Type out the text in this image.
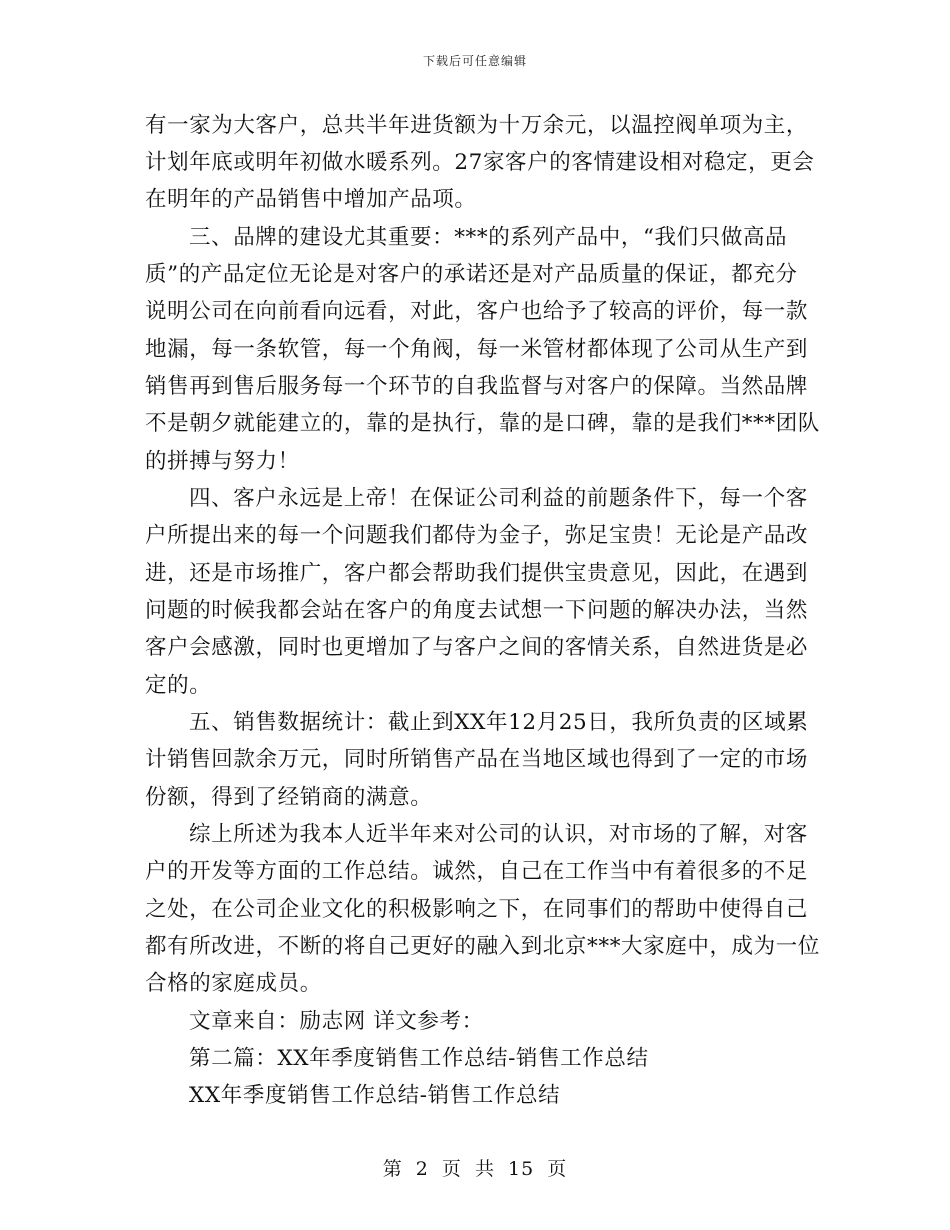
下载后可任意编辑
有一家为大客户，总共半年进货额为十万余元，以温控阀单项为主，
计划年底或明年初做水暖系列。27家客户的客情建设相对稳定，更会
在明年的产品销售中增加产品项。
三、品牌的建设尤其重要：***的系列产品中，“我们只做高品
质”的产品定位无论是对客户的承诺还是对产品质量的保证，都充分
说明公司在向前看向远看，对此，客户也给予了较高的评价，每一款
地漏，每一条软管，每一个角阀，每一米管材都体现了公司从生产到
销售再到售后服务每一个环节的自我监督与对客户的保障。当然品牌
不是朝夕就能建立的，靠的是执行，靠的是口碑，靠的是我们***团队
的拼搏与努力！
四、客户永远是上帝！在保证公司利益的前题条件下，每一个客
户所提出来的每一个问题我们都侍为金子，弥足宝贵！无论是产品改
进，还是市场推广，客户都会帮助我们提供宝贵意见，因此，在遇到
问题的时候我都会站在客户的角度去试想一下问题的解决办法，当然
客户会感激，同时也更增加了与客户之间的客情关系，自然进货是必
定的。
五、销售数据统计：截止到XX年12月25日，我所负责的区域累
计销售回款余万元，同时所销售产品在当地区域也得到了一定的市场
份额，得到了经销商的满意。
综上所述为我本人近半年来对公司的认识，对市场的了解，对客
户的开发等方面的工作总结。诚然，自己在工作当中有着很多的不足
之处，在公司企业文化的积极影响之下，在同事们的帮助中使得自己
都有所改进，不断的将自己更好的融入到北京***大家庭中，成为一位
合格的家庭成员。
文章来自：励志网 详文参考：
第二篇：XX年季度销售工作总结-销售工作总结
XX年季度销售工作总结-销售工作总结
第 2 页 共 15 页
